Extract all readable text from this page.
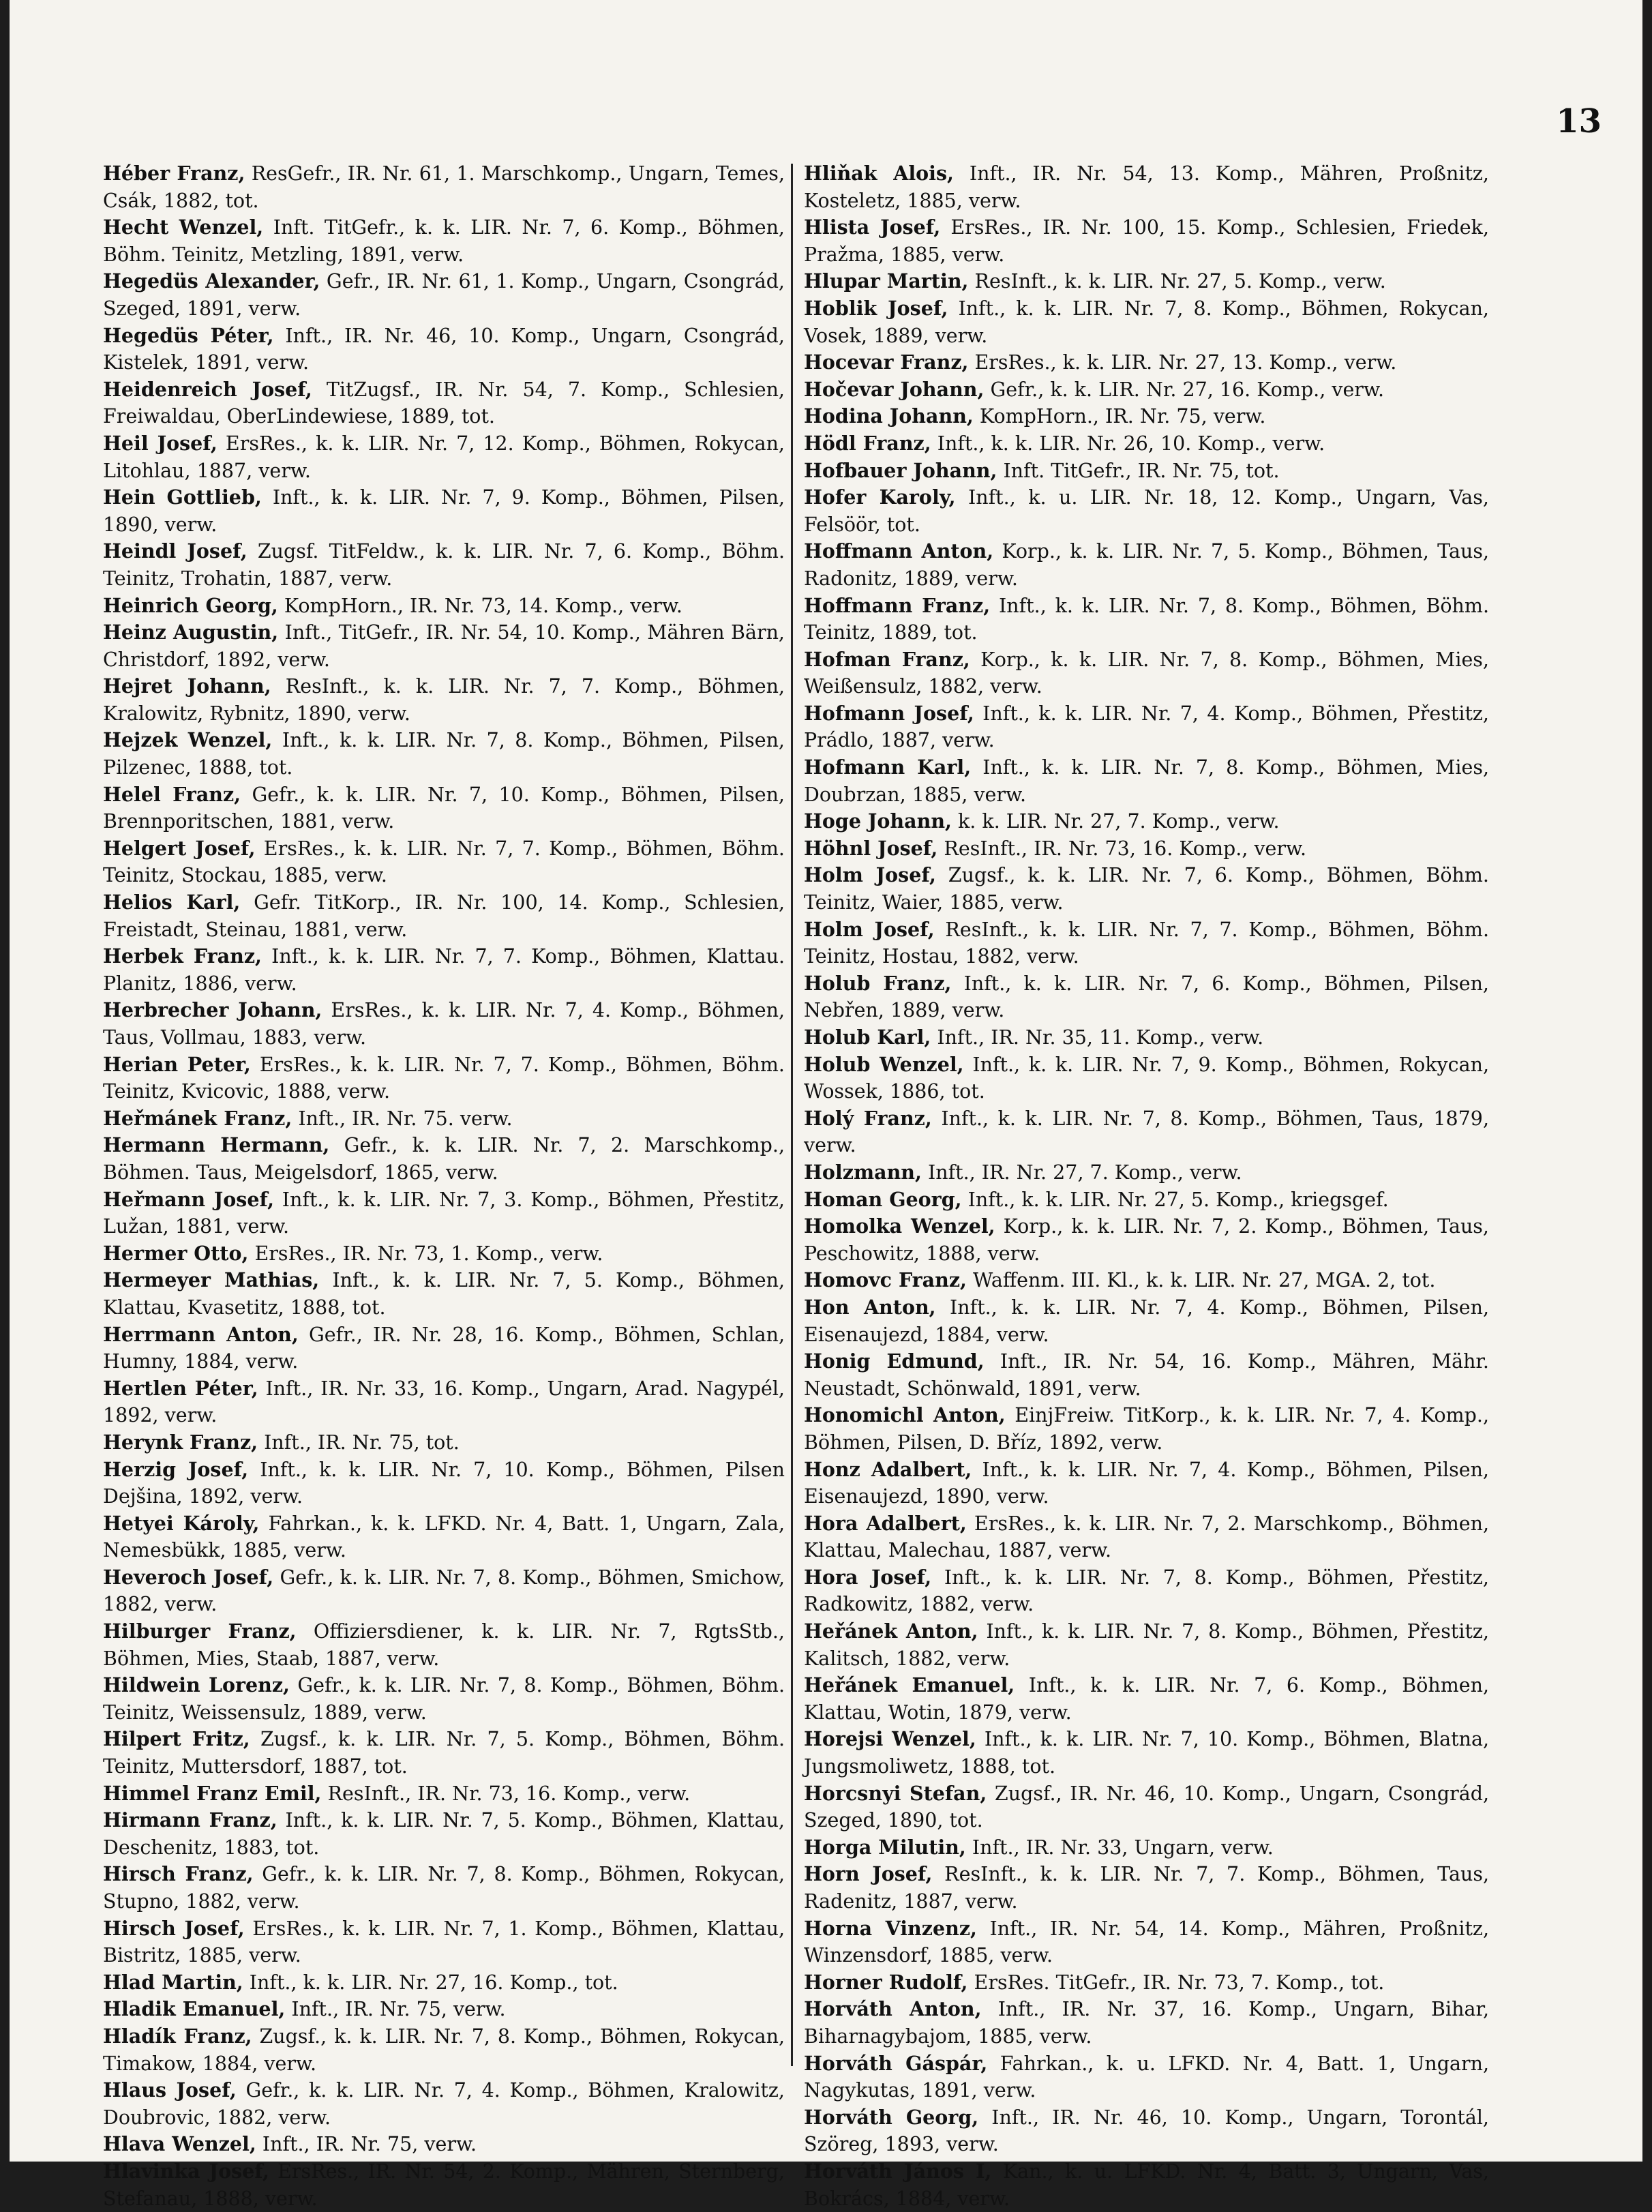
13

Héber Franz, ResGefr., IR. Nr. 61, 1. Marschkomp., Ungarn, Temes, Csák, 1882, tot.

Hecht Wenzel, Inft. TitGefr., k. k. LIR. Nr. 7, 6. Komp., Böhmen, Böhm. Teinitz, Metzling, 1891, verw.

Hegedüs Alexander, Gefr., IR. Nr. 61, 1. Komp., Ungarn, Csongrád, Szeged, 1891, verw.

Hegedüs Péter, Inft., IR. Nr. 46, 10. Komp., Ungarn, Csongrád, Kistelek, 1891, verw.

Heidenreich Josef, TitZugsf., IR. Nr. 54, 7. Komp., Schlesien, Freiwaldau, OberLindewiese, 1889, tot.

Heil Josef, ErsRes., k. k. LIR. Nr. 7, 12. Komp., Böhmen, Rokycan, Litohlau, 1887, verw.

Hein Gottlieb, Inft., k. k. LIR. Nr. 7, 9. Komp., Böhmen, Pilsen, 1890, verw.

Heindl Josef, Zugsf. TitFeldw., k. k. LIR. Nr. 7, 6. Komp., Böhm. Teinitz, Trohatin, 1887, verw.

Heinrich Georg, KompHorn., IR. Nr. 73, 14. Komp., verw.

Heinz Augustin, Inft., TitGefr., IR. Nr. 54, 10. Komp., Mähren Bärn, Christdorf, 1892, verw.

Hejret Johann, ResInft., k. k. LIR. Nr. 7, 7. Komp., Böhmen, Kralowitz, Rybnitz, 1890, verw.

Hejzek Wenzel, Inft., k. k. LIR. Nr. 7, 8. Komp., Böhmen, Pilsen, Pilzenec, 1888, tot.

Helel Franz, Gefr., k. k. LIR. Nr. 7, 10. Komp., Böhmen, Pilsen, Brennporitschen, 1881, verw.

Helgert Josef, ErsRes., k. k. LIR. Nr. 7, 7. Komp., Böhmen, Böhm. Teinitz, Stockau, 1885, verw.

Helios Karl, Gefr. TitKorp., IR. Nr. 100, 14. Komp., Schlesien, Freistadt, Steinau, 1881, verw.

Herbek Franz, Inft., k. k. LIR. Nr. 7, 7. Komp., Böhmen, Klattau. Planitz, 1886, verw.

Herbrecher Johann, ErsRes., k. k. LIR. Nr. 7, 4. Komp., Böhmen, Taus, Vollmau, 1883, verw.

Herian Peter, ErsRes., k. k. LIR. Nr. 7, 7. Komp., Böhmen, Böhm. Teinitz, Kvicovic, 1888, verw.

Heřmánek Franz, Inft., IR. Nr. 75. verw.

Hermann Hermann, Gefr., k. k. LIR. Nr. 7, 2. Marschkomp., Böhmen. Taus, Meigelsdorf, 1865, verw.

Heřmann Josef, Inft., k. k. LIR. Nr. 7, 3. Komp., Böhmen, Přestitz, Lužan, 1881, verw.

Hermer Otto, ErsRes., IR. Nr. 73, 1. Komp., verw.

Hermeyer Mathias, Inft., k. k. LIR. Nr. 7, 5. Komp., Böhmen, Klattau, Kvasetitz, 1888, tot.

Herrmann Anton, Gefr., IR. Nr. 28, 16. Komp., Böhmen, Schlan, Humny, 1884, verw.

Hertlen Péter, Inft., IR. Nr. 33, 16. Komp., Ungarn, Arad. Nagypél, 1892, verw.

Herynk Franz, Inft., IR. Nr. 75, tot.

Herzig Josef, Inft., k. k. LIR. Nr. 7, 10. Komp., Böhmen, Pilsen Dejšina, 1892, verw.

Hetyei Károly, Fahrkan., k. k. LFKD. Nr. 4, Batt. 1, Ungarn, Zala, Nemesbükk, 1885, verw.

Heveroch Josef, Gefr., k. k. LIR. Nr. 7, 8. Komp., Böhmen, Smichow, 1882, verw.

Hilburger Franz, Offiziersdiener, k. k. LIR. Nr. 7, RgtsStb., Böhmen, Mies, Staab, 1887, verw.

Hildwein Lorenz, Gefr., k. k. LIR. Nr. 7, 8. Komp., Böhmen, Böhm. Teinitz, Weissensulz, 1889, verw.

Hilpert Fritz, Zugsf., k. k. LIR. Nr. 7, 5. Komp., Böhmen, Böhm. Teinitz, Muttersdorf, 1887, tot.

Himmel Franz Emil, ResInft., IR. Nr. 73, 16. Komp., verw.

Hirmann Franz, Inft., k. k. LIR. Nr. 7, 5. Komp., Böhmen, Klattau, Deschenitz, 1883, tot.

Hirsch Franz, Gefr., k. k. LIR. Nr. 7, 8. Komp., Böhmen, Rokycan, Stupno, 1882, verw.

Hirsch Josef, ErsRes., k. k. LIR. Nr. 7, 1. Komp., Böhmen, Klattau, Bistritz, 1885, verw.

Hlad Martin, Inft., k. k. LIR. Nr. 27, 16. Komp., tot.

Hladik Emanuel, Inft., IR. Nr. 75, verw.

Hladík Franz, Zugsf., k. k. LIR. Nr. 7, 8. Komp., Böhmen, Rokycan, Timakow, 1884, verw.

Hlaus Josef, Gefr., k. k. LIR. Nr. 7, 4. Komp., Böhmen, Kralowitz, Doubrovic, 1882, verw.

Hlava Wenzel, Inft., IR. Nr. 75, verw.

Hlavinka Josef, ErsRes., IR. Nr. 54, 2. Komp., Mähren, Sternberg, Stefanau, 1888, verw.

Hliňak Alois, Inft., IR. Nr. 54, 13. Komp., Mähren, Proßnitz, Kosteletz, 1885, verw.

Hlista Josef, ErsRes., IR. Nr. 100, 15. Komp., Schlesien, Friedek, Pražma, 1885, verw.

Hlupar Martin, ResInft., k. k. LIR. Nr. 27, 5. Komp., verw.

Hoblik Josef, Inft., k. k. LIR. Nr. 7, 8. Komp., Böhmen, Rokycan, Vosek, 1889, verw.

Hocevar Franz, ErsRes., k. k. LIR. Nr. 27, 13. Komp., verw.

Hočevar Johann, Gefr., k. k. LIR. Nr. 27, 16. Komp., verw.

Hodina Johann, KompHorn., IR. Nr. 75, verw.

Hödl Franz, Inft., k. k. LIR. Nr. 26, 10. Komp., verw.

Hofbauer Johann, Inft. TitGefr., IR. Nr. 75, tot.

Hofer Karoly, Inft., k. u. LIR. Nr. 18, 12. Komp., Ungarn, Vas, Felsöör, tot.

Hoffmann Anton, Korp., k. k. LIR. Nr. 7, 5. Komp., Böhmen, Taus, Radonitz, 1889, verw.

Hoffmann Franz, Inft., k. k. LIR. Nr. 7, 8. Komp., Böhmen, Böhm. Teinitz, 1889, tot.

Hofman Franz, Korp., k. k. LIR. Nr. 7, 8. Komp., Böhmen, Mies, Weißensulz, 1882, verw.

Hofmann Josef, Inft., k. k. LIR. Nr. 7, 4. Komp., Böhmen, Přestitz, Prádlo, 1887, verw.

Hofmann Karl, Inft., k. k. LIR. Nr. 7, 8. Komp., Böhmen, Mies, Doubrzan, 1885, verw.

Hoge Johann, k. k. LIR. Nr. 27, 7. Komp., verw.

Höhnl Josef, ResInft., IR. Nr. 73, 16. Komp., verw.

Holm Josef, Zugsf., k. k. LIR. Nr. 7, 6. Komp., Böhmen, Böhm. Teinitz, Waier, 1885, verw.

Holm Josef, ResInft., k. k. LIR. Nr. 7, 7. Komp., Böhmen, Böhm. Teinitz, Hostau, 1882, verw.

Holub Franz, Inft., k. k. LIR. Nr. 7, 6. Komp., Böhmen, Pilsen, Nebřen, 1889, verw.

Holub Karl, Inft., IR. Nr. 35, 11. Komp., verw.

Holub Wenzel, Inft., k. k. LIR. Nr. 7, 9. Komp., Böhmen, Rokycan, Wossek, 1886, tot.

Holý Franz, Inft., k. k. LIR. Nr. 7, 8. Komp., Böhmen, Taus, 1879, verw.

Holzmann, Inft., IR. Nr. 27, 7. Komp., verw.

Homan Georg, Inft., k. k. LIR. Nr. 27, 5. Komp., kriegsgef.

Homolka Wenzel, Korp., k. k. LIR. Nr. 7, 2. Komp., Böhmen, Taus, Peschowitz, 1888, verw.

Homovc Franz, Waffenm. III. Kl., k. k. LIR. Nr. 27, MGA. 2, tot.

Hon Anton, Inft., k. k. LIR. Nr. 7, 4. Komp., Böhmen, Pilsen, Eisenaujezd, 1884, verw.

Honig Edmund, Inft., IR. Nr. 54, 16. Komp., Mähren, Mähr. Neustadt, Schönwald, 1891, verw.

Honomichl Anton, EinjFreiw. TitKorp., k. k. LIR. Nr. 7, 4. Komp., Böhmen, Pilsen, D. Bříz, 1892, verw.

Honz Adalbert, Inft., k. k. LIR. Nr. 7, 4. Komp., Böhmen, Pilsen, Eisenaujezd, 1890, verw.

Hora Adalbert, ErsRes., k. k. LIR. Nr. 7, 2. Marschkomp., Böhmen, Klattau, Malechau, 1887, verw.

Hora Josef, Inft., k. k. LIR. Nr. 7, 8. Komp., Böhmen, Přestitz, Radkowitz, 1882, verw.

Heřánek Anton, Inft., k. k. LIR. Nr. 7, 8. Komp., Böhmen, Přestitz, Kalitsch, 1882, verw.

Heřánek Emanuel, Inft., k. k. LIR. Nr. 7, 6. Komp., Böhmen, Klattau, Wotin, 1879, verw.

Horejsi Wenzel, Inft., k. k. LIR. Nr. 7, 10. Komp., Böhmen, Blatna, Jungsmoliwetz, 1888, tot.

Horcsnyi Stefan, Zugsf., IR. Nr. 46, 10. Komp., Ungarn, Csongrád, Szeged, 1890, tot.

Horga Milutin, Inft., IR. Nr. 33, Ungarn, verw.

Horn Josef, ResInft., k. k. LIR. Nr. 7, 7. Komp., Böhmen, Taus, Radenitz, 1887, verw.

Horna Vinzenz, Inft., IR. Nr. 54, 14. Komp., Mähren, Proßnitz, Winzensdorf, 1885, verw.

Horner Rudolf, ErsRes. TitGefr., IR. Nr. 73, 7. Komp., tot.

Horváth Anton, Inft., IR. Nr. 37, 16. Komp., Ungarn, Bihar, Biharnagybajom, 1885, verw.

Horváth Gáspár, Fahrkan., k. u. LFKD. Nr. 4, Batt. 1, Ungarn, Nagykutas, 1891, verw.

Horváth Georg, Inft., IR. Nr. 46, 10. Komp., Ungarn, Torontál, Szöreg, 1893, verw.

Horváth János I, Kan., k. u. LFKD. Nr. 4, Batt. 3, Ungarn, Vas, Bokrács, 1884, verw.
